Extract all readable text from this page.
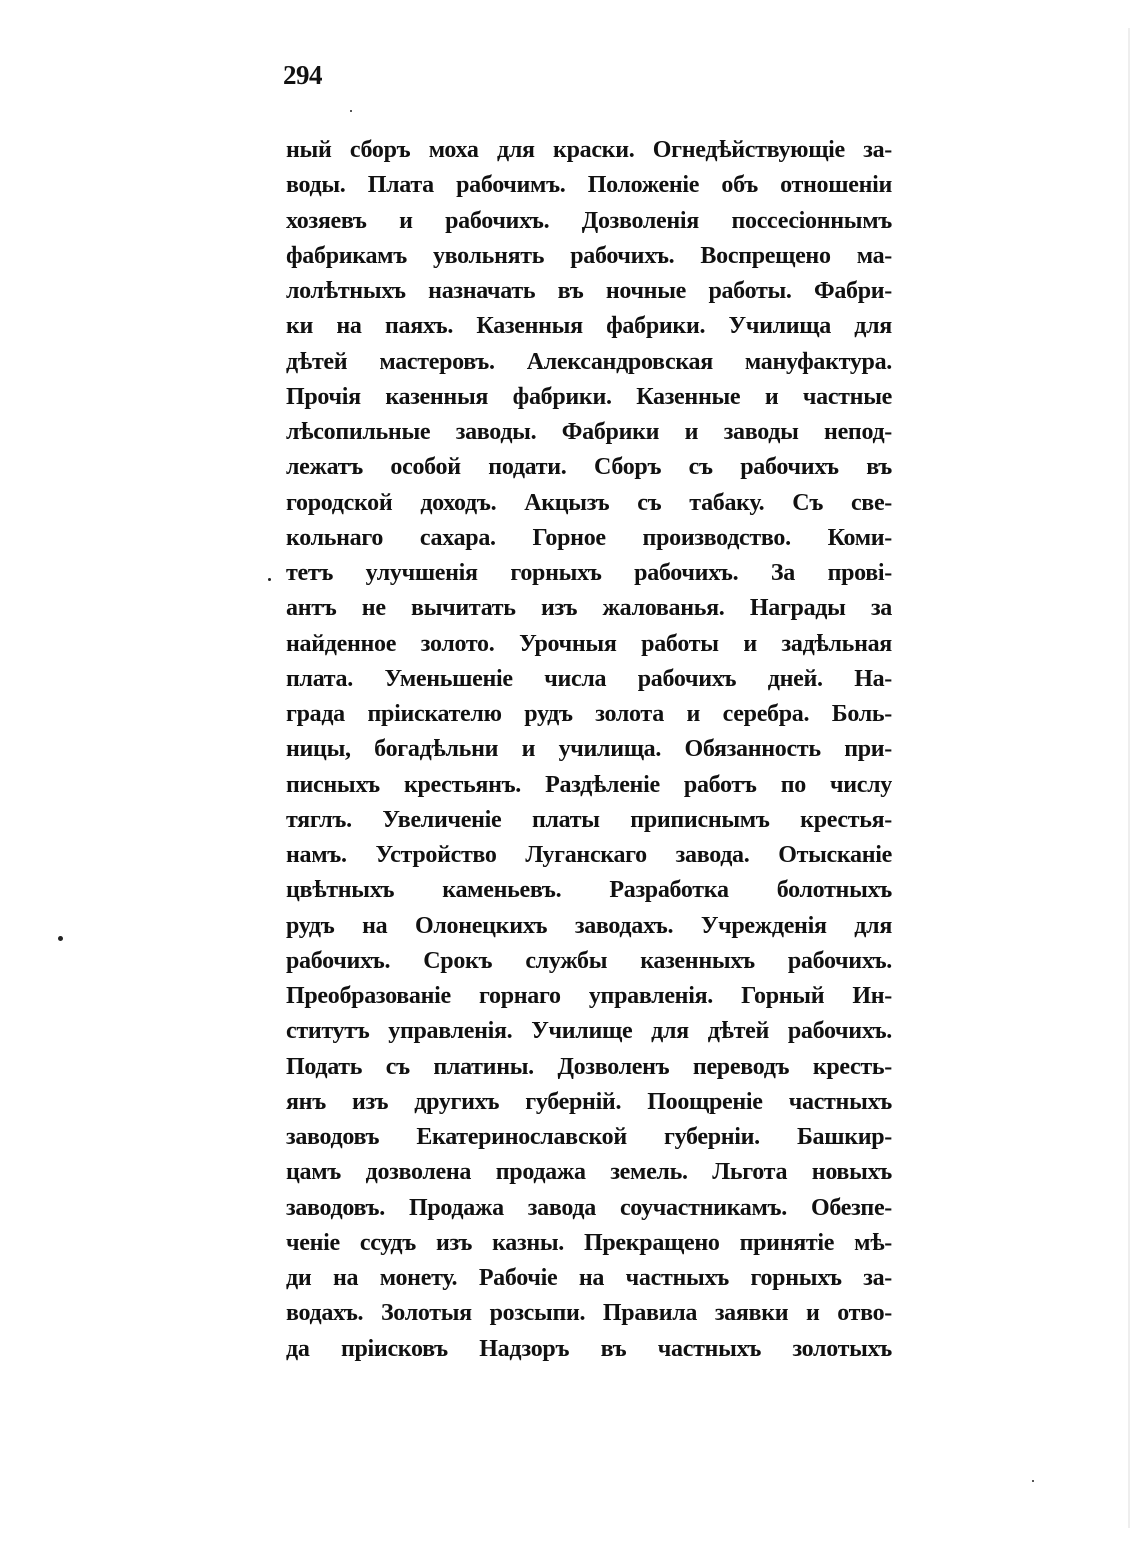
294
ный сборъ моха для краски. Огнедѣйствующіе за-
воды. Плата рабочимъ. Положеніе объ отношеніи
хозяевъ и рабочихъ. Дозволенія поссесіоннымъ
фабрикамъ увольнять рабочихъ. Воспрещено ма-
лолѣтныхъ назначать въ ночные работы. Фабри-
ки на паяхъ. Казенныя фабрики. Училища для
дѣтей мастеровъ. Александровская мануфактура.
Прочія казенныя фабрики. Казенные и частные
лѣсопильные заводы. Фабрики и заводы непод-
лежатъ особой подати. Сборъ съ рабочихъ въ
городской доходъ. Акцызъ съ табаку. Съ све-
кольнаго сахара. Горное производство. Коми-
тетъ улучшенія горныхъ рабочихъ. За провi-
антъ не вычитать изъ жалованья. Награды за
найденное золото. Урочныя работы и задѣльная
плата. Уменьшеніе числа рабочихъ дней. На-
града прiискателю рудъ золота и серебра. Боль-
ницы, богадѣльни и училища. Обязанность при-
писныхъ крестьянъ. Раздѣленіе работъ по числу
тяглъ. Увеличеніе платы приписнымъ крестья-
намъ. Устройство Луганскаго завода. Отысканіе
цвѣтныхъ каменьевъ. Разработка болотныхъ
рудъ на Олонецкихъ заводахъ. Учрежденія для
рабочихъ. Срокъ службы казенныхъ рабочихъ.
Преобразованіе горнаго управленія. Горный Ин-
ститутъ управленія. Училище для дѣтей рабочихъ.
Подать съ платины. Дозволенъ переводъ кресть-
янъ изъ другихъ губерній. Поощреніе частныхъ
заводовъ Екатеринославской губерніи. Башкир-
цамъ дозволена продажа земель. Льгота новыхъ
заводовъ. Продажа завода соучастникамъ. Обезпе-
ченіе ссудъ изъ казны. Прекращено принятіе мѣ-
ди на монету. Рабочіе на частныхъ горныхъ за-
водахъ. Золотыя розсыпи. Правила заявки и отво-
да прiисковъ Надзоръ въ частныхъ золотыхъ
